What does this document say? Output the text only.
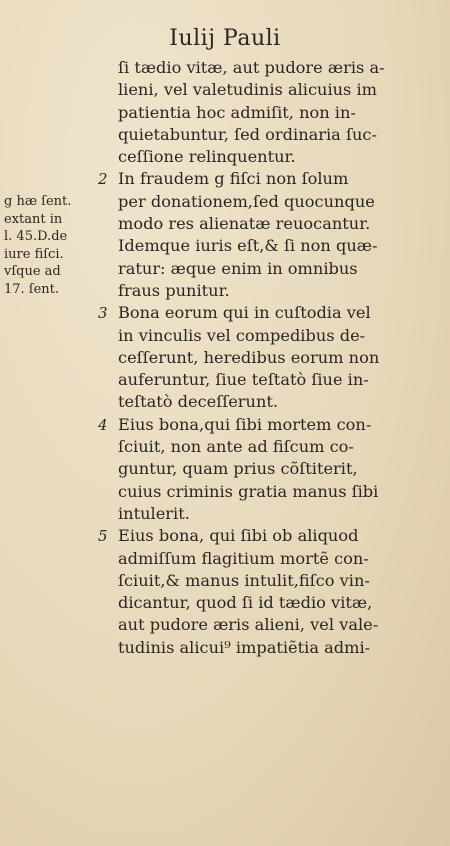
Iulij Pauli
g hæ ſent.
extant in
l. 45.D.de
iure fiſci.
vſque ad
17. ſent.
ſi tædio vitæ, aut pudore æris a-
lieni, vel valetudinis alicuius im
patientia hoc admiſit, non in-
quietabuntur, ſed ordinaria ſuc-
ceſſione relinquentur.
2 In fraudem g fiſci non ſolum
per donationem,ſed quocunque
modo res alienatæ reuocantur.
Idemque iuris eſt,& ſi non quæ-
ratur: æque enim in omnibus
fraus punitur.
3 Bona eorum qui in cuſtodia vel
in vinculis vel compedibus de-
ceſſerunt, heredibus eorum non
auferuntur, ſiue teſtatò ſiue in-
teſtatò deceſſerunt.
4 Eius bona,qui ſibi mortem con-
ſciuit, non ante ad fiſcum co-
guntur, quam prius cõſtiterit,
cuius criminis gratia manus ſibi
intulerit.
5 Eius bona, qui ſibi ob aliquod
admiſſum flagitium mortẽ con-
ſciuit,& manus intulit,fiſco vin-
dicantur, quod ſi id tædio vitæ,
aut pudore æris alieni, vel vale-
tudinis alicui⁹ impatiẽtia admi-
